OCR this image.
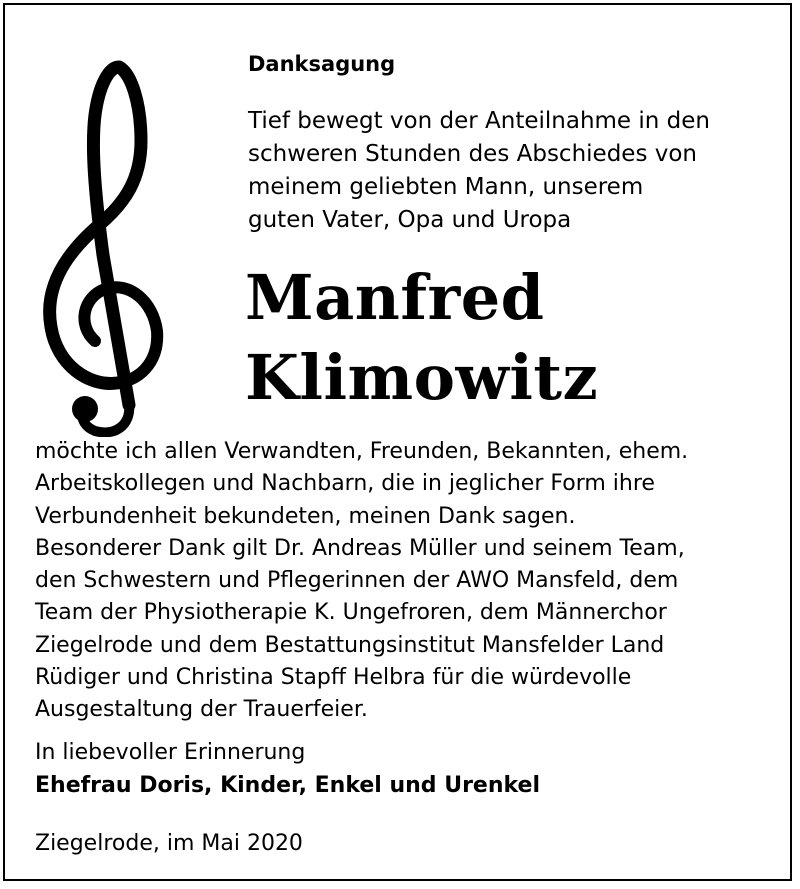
Danksagung

Tief bewegt von der Anteilnahme in den
schweren Stunden des Abschiedes von
meinem geliebten Mann, unserem
guten Vater, Opa und Uropa

Manfred
Klimowitz

möchte ich allen Verwandten, Freunden, Bekannten, ehem.
Arbeitskollegen und Nachbarn, die in jeglicher Form ihre
Verbundenheit bekundeten, meinen Dank sagen.
Besonderer Dank gilt Dr. Andreas Müller und seinem Team,
den Schwestern und Pflegerinnen der AWO Mansfeld, dem
Team der Physiotherapie K. Ungefroren, dem Männerchor
Ziegelrode und dem Bestattungsinstitut Mansfelder Land
Rüdiger und Christina Stapff Helbra für die würdevolle
Ausgestaltung der Trauerfeier.

In liebevoller Erinnerung
Ehefrau Doris, Kinder, Enkel und Urenkel

Ziegelrode, im Mai 2020
